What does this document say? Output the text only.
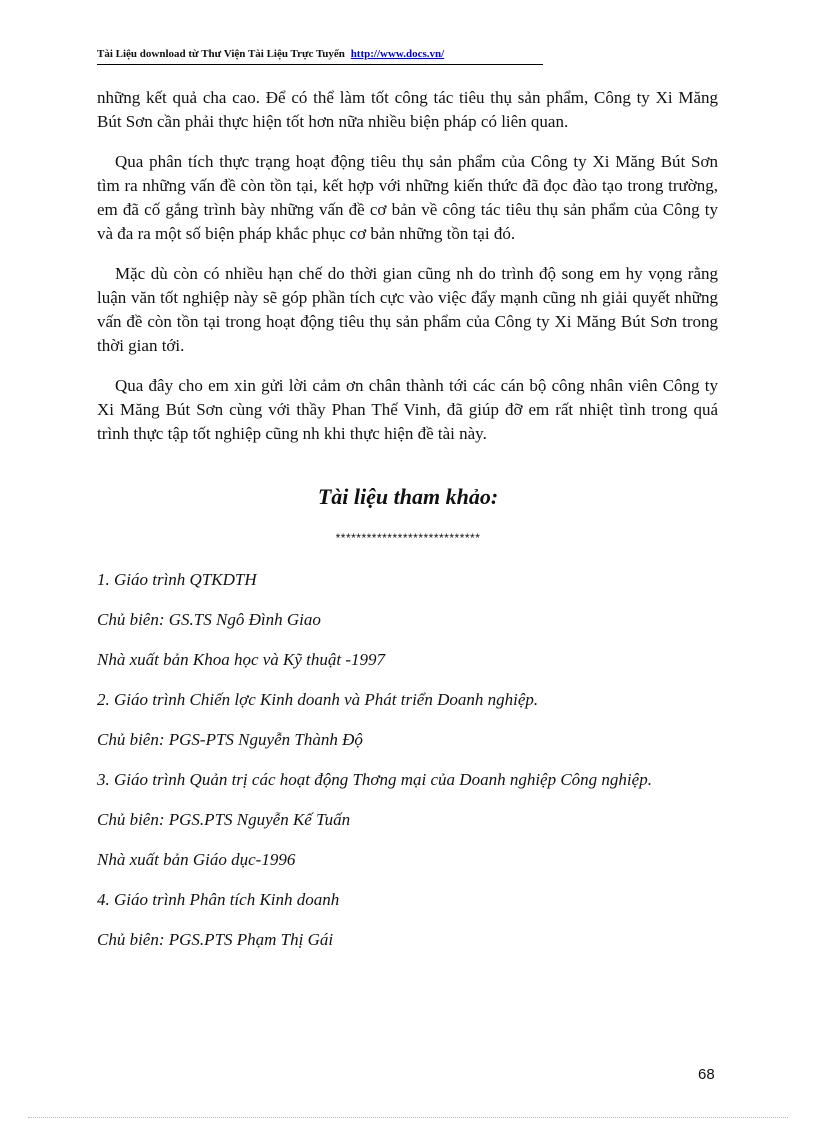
Tài Liệu download từ Thư Viện Tài Liệu Trực Tuyến http://www.docs.vn/

những kết quả cha cao. Để có thể làm tốt công tác tiêu thụ sản phẩm, Công ty Xi Măng Bút Sơn cần phải thực hiện tốt hơn nữa nhiều biện pháp có liên quan.

Qua phân tích thực trạng hoạt động tiêu thụ sản phẩm của Công ty Xi Măng Bút Sơn tìm ra những vấn đề còn tồn tại, kết hợp với những kiến thức đã đọc đào tạo trong trường, em đã cố gắng trình bày những vấn đề cơ bản về công tác tiêu thụ sản phẩm của Công ty và đa ra một số biện pháp khắc phục cơ bản những tồn tại đó.

Mặc dù còn có nhiều hạn chế do thời gian cũng nh do trình độ song em hy vọng rằng luận văn tốt nghiệp này sẽ góp phần tích cực vào việc đẩy mạnh cũng nh giải quyết những vấn đề còn tồn tại trong hoạt động tiêu thụ sản phẩm của Công ty Xi Măng Bút Sơn trong thời gian tới.

Qua đây cho em xin gửi lời cảm ơn chân thành tới các cán bộ công nhân viên Công ty Xi Măng Bút Sơn cùng với thầy Phan Thế Vinh, đã giúp đỡ em rất nhiệt tình trong quá trình thực tập tốt nghiệp cũng nh khi thực hiện đề tài này.

Tài liệu tham khảo:
****************************
1. Giáo trình QTKDTH
Chủ biên: GS.TS Ngô Đình Giao
Nhà xuất bản Khoa học và Kỹ thuật -1997
2. Giáo trình Chiến lợc Kinh doanh và Phát triển Doanh nghiệp.
Chủ biên: PGS-PTS Nguyễn Thành Độ
3. Giáo trình Quản trị các hoạt động Thơng mại của Doanh nghiệp Công nghiệp.
Chủ biên: PGS.PTS Nguyễn Kế Tuấn
Nhà xuất bản Giáo dục-1996
4. Giáo trình Phân tích Kinh doanh
Chủ biên: PGS.PTS Phạm Thị Gái
68
